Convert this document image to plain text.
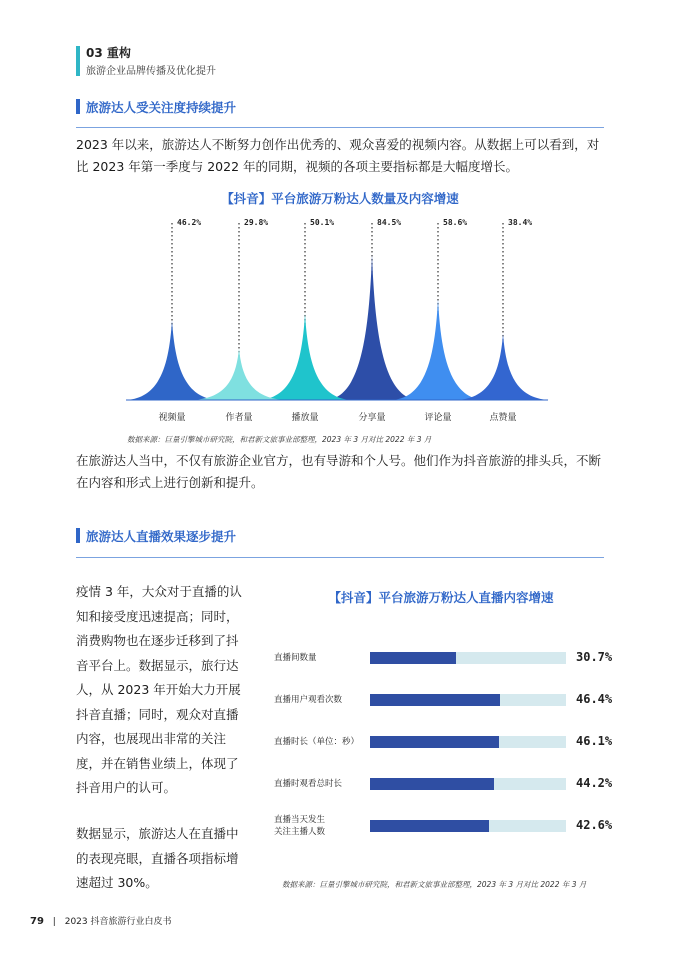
03 重构
旅游企业品牌传播及优化提升
旅游达人受关注度持续提升
2023 年以来，旅游达人不断努力创作出优秀的、观众喜爱的视频内容。从数据上可以看到，对比 2023 年第一季度与 2022 年的同期，视频的各项主要指标都是大幅度增长。
【抖音】平台旅游万粉达人数量及内容增速
46.2%
视频量
29.8%
作者量
50.1%
播放量
84.5%
分享量
58.6%
评论量
38.4%
点赞量
数据来源：巨量引擎城市研究院，和君新文旅事业部整理，2023 年 3 月对比 2022 年 3 月
在旅游达人当中，不仅有旅游企业官方，也有导游和个人号。他们作为抖音旅游的排头兵，不断在内容和形式上进行创新和提升。
旅游达人直播效果逐步提升
疫情 3 年，大众对于直播的认知和接受度迅速提高；同时，消费购物也在逐步迁移到了抖音平台上。数据显示，旅行达人，从 2023 年开始大力开展抖音直播；同时，观众对直播内容，也展现出非常的关注度，并在销售业绩上，体现了抖音用户的认可。
数据显示，旅游达人在直播中的表现亮眼，直播各项指标增速超过 30%。
【抖音】平台旅游万粉达人直播内容增速
直播间数量	30.7%
直播用户观看次数	46.4%
直播时长（单位：秒）	46.1%
直播时观看总时长	44.2%
直播当天发生
关注主播人数	42.6%
数据来源：巨量引擎城市研究院，和君新文旅事业部整理，2023 年 3 月对比 2022 年 3 月
79 | 2023 抖音旅游行业白皮书
